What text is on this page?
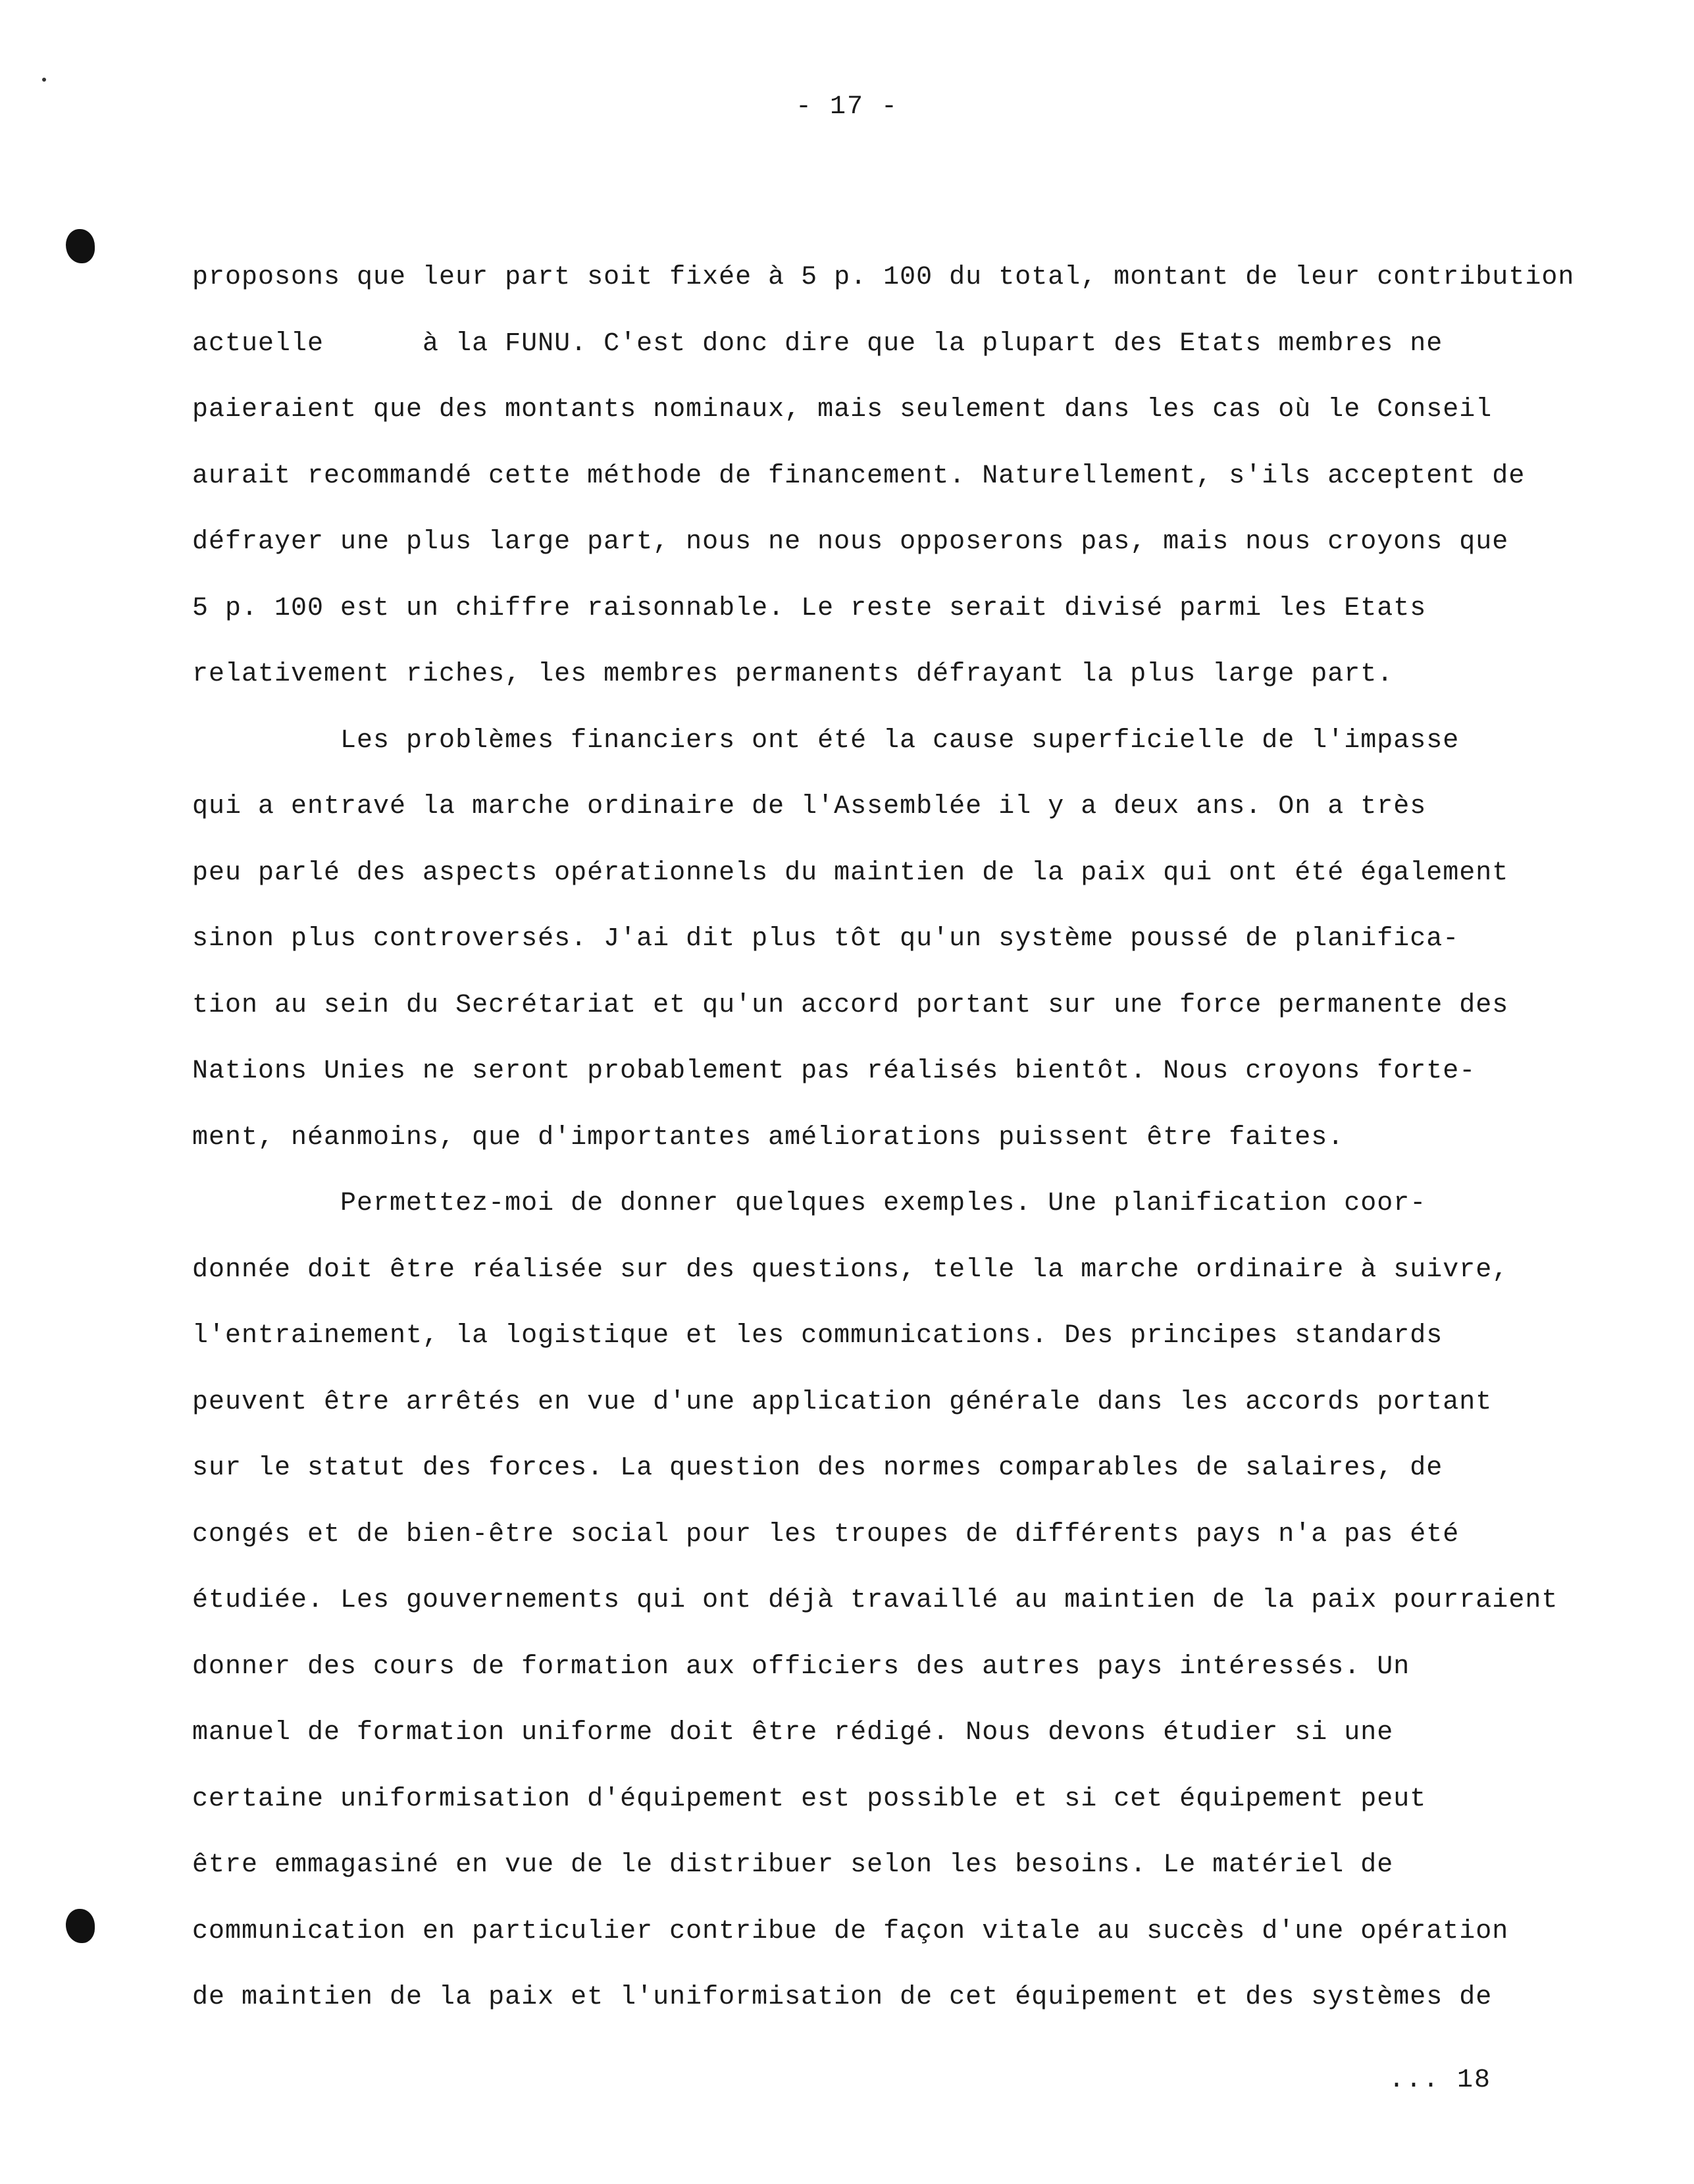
- 17 -
proposons que leur part soit fixée à 5 p. 100 du total, montant de leur contribution
actuelle      à la FUNU. C'est donc dire que la plupart des Etats membres ne
paieraient que des montants nominaux, mais seulement dans les cas où le Conseil
aurait recommandé cette méthode de financement. Naturellement, s'ils acceptent de
défrayer une plus large part, nous ne nous opposerons pas, mais nous croyons que
5 p. 100 est un chiffre raisonnable. Le reste serait divisé parmi les Etats
relativement riches, les membres permanents défrayant la plus large part.
Les problèmes financiers ont été la cause superficielle de l'impasse
qui a entravé la marche ordinaire de l'Assemblée il y a deux ans. On a très
peu parlé des aspects opérationnels du maintien de la paix qui ont été également
sinon plus controversés. J'ai dit plus tôt qu'un système poussé de planifica-
tion au sein du Secrétariat et qu'un accord portant sur une force permanente des
Nations Unies ne seront probablement pas réalisés bientôt. Nous croyons forte-
ment, néanmoins, que d'importantes améliorations puissent être faites.
Permettez-moi de donner quelques exemples. Une planification coor-
donnée doit être réalisée sur des questions, telle la marche ordinaire à suivre,
l'entrainement, la logistique et les communications. Des principes standards
peuvent être arrêtés en vue d'une application générale dans les accords portant
sur le statut des forces. La question des normes comparables de salaires, de
congés et de bien-être social pour les troupes de différents pays n'a pas été
étudiée. Les gouvernements qui ont déjà travaillé au maintien de la paix pourraient
donner des cours de formation aux officiers des autres pays intéressés. Un
manuel de formation uniforme doit être rédigé. Nous devons étudier si une
certaine uniformisation d'équipement est possible et si cet équipement peut
être emmagasiné en vue de le distribuer selon les besoins. Le matériel de
communication en particulier contribue de façon vitale au succès d'une opération
de maintien de la paix et l'uniformisation de cet équipement et des systèmes de
... 18
